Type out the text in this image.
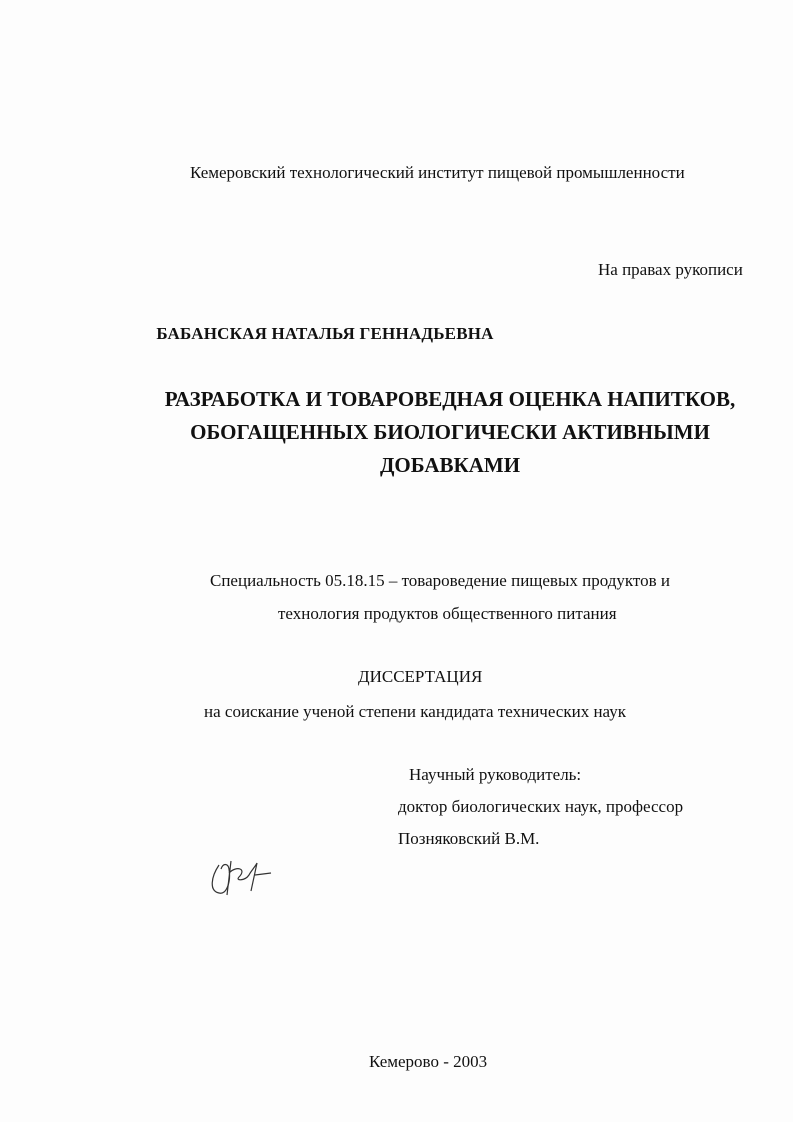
Кемеровский технологический институт пищевой промышленности
На правах рукописи
БАБАНСКАЯ НАТАЛЬЯ ГЕННАДЬЕВНА
РАЗРАБОТКА И ТОВАРОВЕДНАЯ ОЦЕНКА НАПИТКОВ,
ОБОГАЩЕННЫХ БИОЛОГИЧЕСКИ АКТИВНЫМИ
ДОБАВКАМИ
Специальность 05.18.15 – товароведение пищевых продуктов и
технология продуктов общественного питания
ДИССЕРТАЦИЯ
на соискание ученой степени кандидата технических наук
Научный руководитель:
доктор биологических наук, профессор
Позняковский В.М.
Кемерово - 2003
